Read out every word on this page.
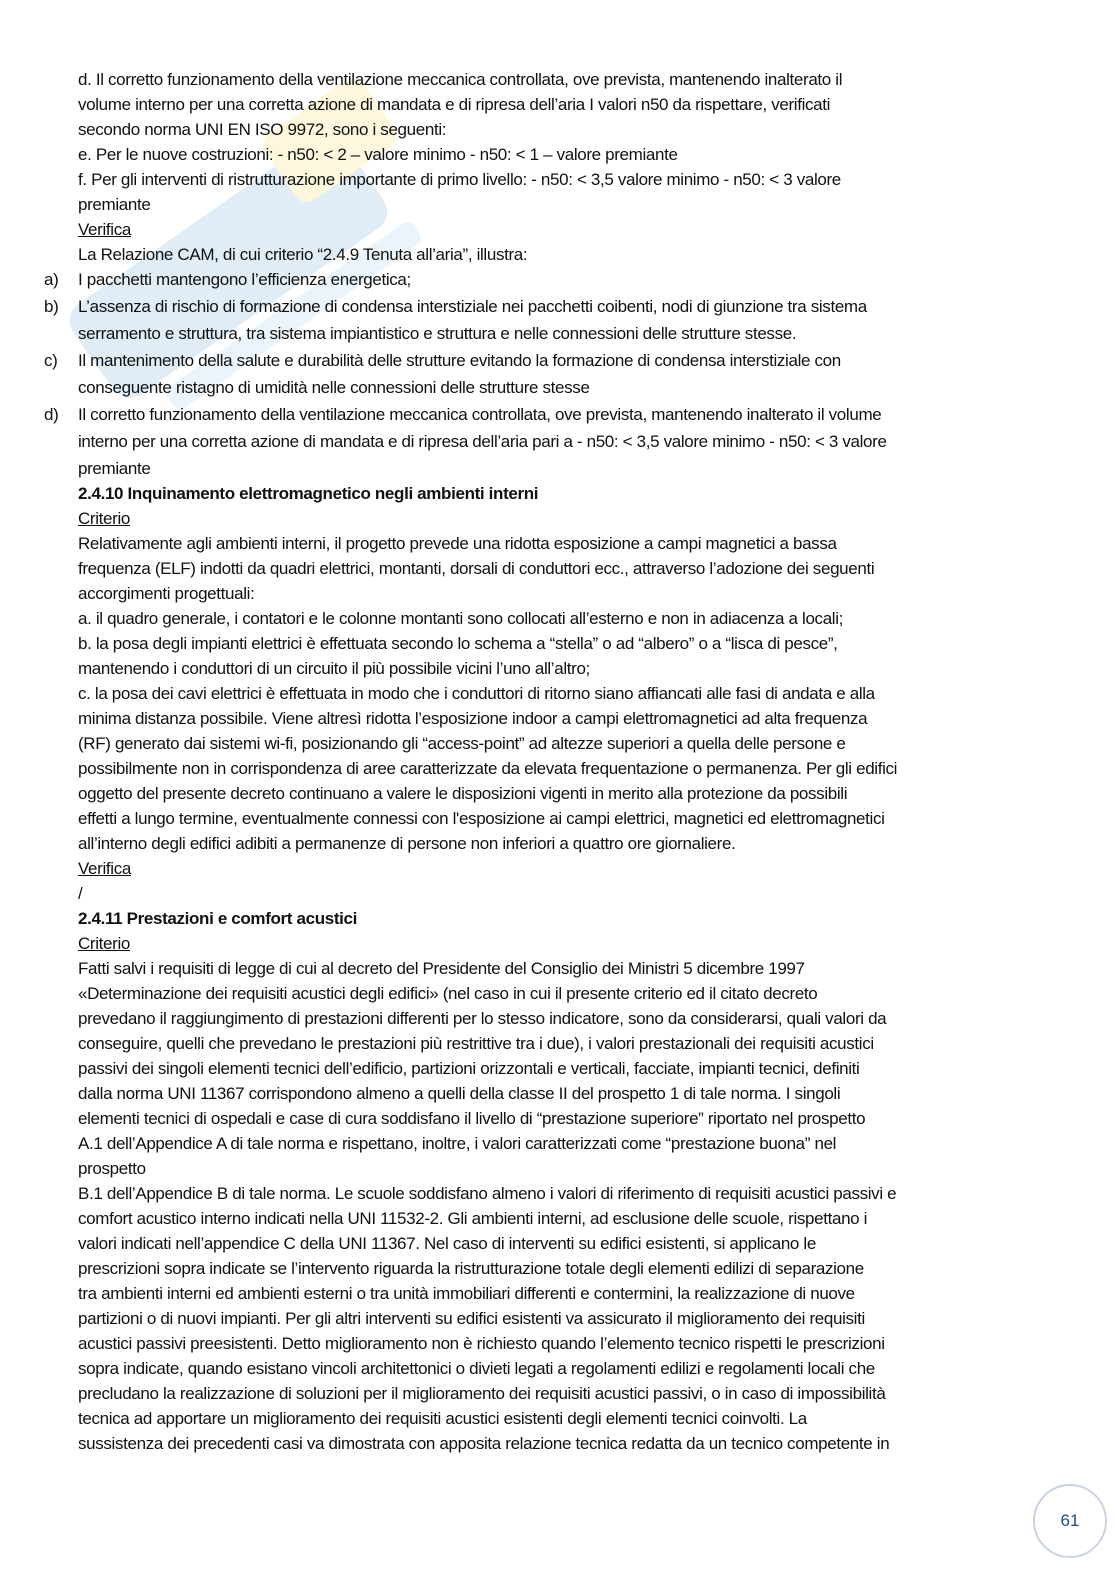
d. Il corretto funzionamento della ventilazione meccanica controllata, ove prevista, mantenendo inalterato il
volume interno per una corretta azione di mandata e di ripresa dell’aria I valori n50 da rispettare, verificati
secondo norma UNI EN ISO 9972, sono i seguenti:
e. Per le nuove costruzioni: - n50: < 2 – valore minimo - n50: < 1 – valore premiante
f. Per gli interventi di ristrutturazione importante di primo livello: - n50: < 3,5 valore minimo - n50: < 3 valore
premiante
Verifica
La Relazione CAM, di cui criterio “2.4.9 Tenuta all’aria”, illustra:
a) I pacchetti mantengono l’efficienza energetica;
b) L’assenza di rischio di formazione di condensa interstiziale nei pacchetti coibenti, nodi di giunzione tra sistema
serramento e struttura, tra sistema impiantistico e struttura e nelle connessioni delle strutture stesse.
c) Il mantenimento della salute e durabilità delle strutture evitando la formazione di condensa interstiziale con
conseguente ristagno di umidità nelle connessioni delle strutture stesse
d) Il corretto funzionamento della ventilazione meccanica controllata, ove prevista, mantenendo inalterato il volume
interno per una corretta azione di mandata e di ripresa dell’aria pari a - n50: < 3,5 valore minimo - n50: < 3 valore
premiante
2.4.10 Inquinamento elettromagnetico negli ambienti interni
Criterio
Relativamente agli ambienti interni, il progetto prevede una ridotta esposizione a campi magnetici a bassa
frequenza (ELF) indotti da quadri elettrici, montanti, dorsali di conduttori ecc., attraverso l’adozione dei seguenti
accorgimenti progettuali:
a. il quadro generale, i contatori e le colonne montanti sono collocati all’esterno e non in adiacenza a locali;
b. la posa degli impianti elettrici è effettuata secondo lo schema a “stella” o ad “albero” o a “lisca di pesce”,
mantenendo i conduttori di un circuito il più possibile vicini l’uno all’altro;
c. la posa dei cavi elettrici è effettuata in modo che i conduttori di ritorno siano affiancati alle fasi di andata e alla
minima distanza possibile. Viene altresì ridotta l’esposizione indoor a campi elettromagnetici ad alta frequenza
(RF) generato dai sistemi wi-fi, posizionando gli “access-point” ad altezze superiori a quella delle persone e
possibilmente non in corrispondenza di aree caratterizzate da elevata frequentazione o permanenza. Per gli edifici
oggetto del presente decreto continuano a valere le disposizioni vigenti in merito alla protezione da possibili
effetti a lungo termine, eventualmente connessi con l'esposizione ai campi elettrici, magnetici ed elettromagnetici
all’interno degli edifici adibiti a permanenze di persone non inferiori a quattro ore giornaliere.
Verifica
/
2.4.11 Prestazioni e comfort acustici
Criterio
Fatti salvi i requisiti di legge di cui al decreto del Presidente del Consiglio dei Ministri 5 dicembre 1997
«Determinazione dei requisiti acustici degli edifici» (nel caso in cui il presente criterio ed il citato decreto
prevedano il raggiungimento di prestazioni differenti per lo stesso indicatore, sono da considerarsi, quali valori da
conseguire, quelli che prevedano le prestazioni più restrittive tra i due), i valori prestazionali dei requisiti acustici
passivi dei singoli elementi tecnici dell’edificio, partizioni orizzontali e verticali, facciate, impianti tecnici, definiti
dalla norma UNI 11367 corrispondono almeno a quelli della classe II del prospetto 1 di tale norma. I singoli
elementi tecnici di ospedali e case di cura soddisfano il livello di “prestazione superiore” riportato nel prospetto
A.1 dell’Appendice A di tale norma e rispettano, inoltre, i valori caratterizzati come “prestazione buona” nel
prospetto
B.1 dell’Appendice B di tale norma. Le scuole soddisfano almeno i valori di riferimento di requisiti acustici passivi e
comfort acustico interno indicati nella UNI 11532-2. Gli ambienti interni, ad esclusione delle scuole, rispettano i
valori indicati nell’appendice C della UNI 11367. Nel caso di interventi su edifici esistenti, si applicano le
prescrizioni sopra indicate se l’intervento riguarda la ristrutturazione totale degli elementi edilizi di separazione
tra ambienti interni ed ambienti esterni o tra unità immobiliari differenti e contermini, la realizzazione di nuove
partizioni o di nuovi impianti. Per gli altri interventi su edifici esistenti va assicurato il miglioramento dei requisiti
acustici passivi preesistenti. Detto miglioramento non è richiesto quando l’elemento tecnico rispetti le prescrizioni
sopra indicate, quando esistano vincoli architettonici o divieti legati a regolamenti edilizi e regolamenti locali che
precludano la realizzazione di soluzioni per il miglioramento dei requisiti acustici passivi, o in caso di impossibilità
tecnica ad apportare un miglioramento dei requisiti acustici esistenti degli elementi tecnici coinvolti. La
sussistenza dei precedenti casi va dimostrata con apposita relazione tecnica redatta da un tecnico competente in
61
